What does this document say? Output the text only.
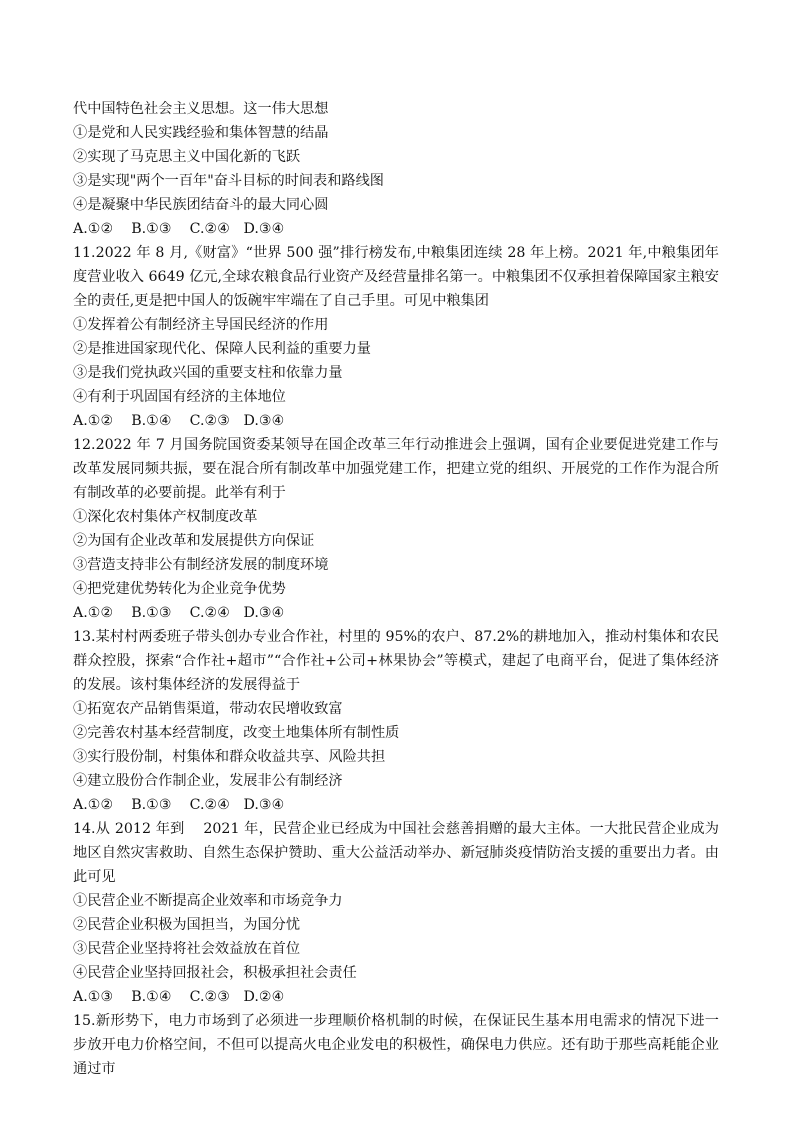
代中国特色社会主义思想。这一伟大思想
①是党和人民实践经验和集体智慧的结晶
②实现了马克思主义中国化新的飞跃
③是实现"两个一百年"奋斗目标的时间表和路线图
④是凝聚中华民族团结奋斗的最大同心圆
A.①②    B.①③    C.②④   D.③④
11.2022 年 8 月,《财富》“世界 500 强”排行榜发布,中粮集团连续 28 年上榜。2021 年,中粮集团年度营业收入 6649 亿元,全球农粮食品行业资产及经营量排名第一。中粮集团不仅承担着保障国家主粮安全的责任,更是把中国人的饭碗牢牢端在了自己手里。可见中粮集团
①发挥着公有制经济主导国民经济的作用
②是推进国家现代化、保障人民利益的重要力量
③是我们党执政兴国的重要支柱和依靠力量
④有利于巩固国有经济的主体地位
A.①②    B.①④    C.②③   D.③④
12.2022 年 7 月国务院国资委某领导在国企改革三年行动推进会上强调，国有企业要促进党建工作与改革发展同频共振，要在混合所有制改革中加强党建工作，把建立党的组织、开展党的工作作为混合所有制改革的必要前提。此举有利于
①深化农村集体产权制度改革
②为国有企业改革和发展提供方向保证
③营造支持非公有制经济发展的制度环境
④把党建优势转化为企业竞争优势
A.①②    B.①③    C.②④   D.③④
13.某村村两委班子带头创办专业合作社，村里的 95%的农户、87.2%的耕地加入，推动村集体和农民群众控股，探索“合作社+超市”“合作社+公司+林果协会”等模式，建起了电商平台，促进了集体经济的发展。该村集体经济的发展得益于
①拓宽农产品销售渠道，带动农民增收致富
②完善农村基本经营制度，改变土地集体所有制性质
③实行股份制，村集体和群众收益共享、风险共担
④建立股份合作制企业，发展非公有制经济
A.①②    B.①③    C.②④   D.③④
14.从 2012 年到    2021 年，民营企业已经成为中国社会慈善捐赠的最大主体。一大批民营企业成为地区自然灾害救助、自然生态保护赞助、重大公益活动举办、新冠肺炎疫情防治支援的重要出力者。由此可见
①民营企业不断提高企业效率和市场竞争力
②民营企业积极为国担当，为国分忧
③民营企业坚持将社会效益放在首位
④民营企业坚持回报社会，积极承担社会责任
A.①③    B.①④    C.②③   D.②④
15.新形势下，电力市场到了必须进一步理顺价格机制的时候，在保证民生基本用电需求的情况下进一步放开电力价格空间，不但可以提高火电企业发电的积极性，确保电力供应。还有助于那些高耗能企业通过市
